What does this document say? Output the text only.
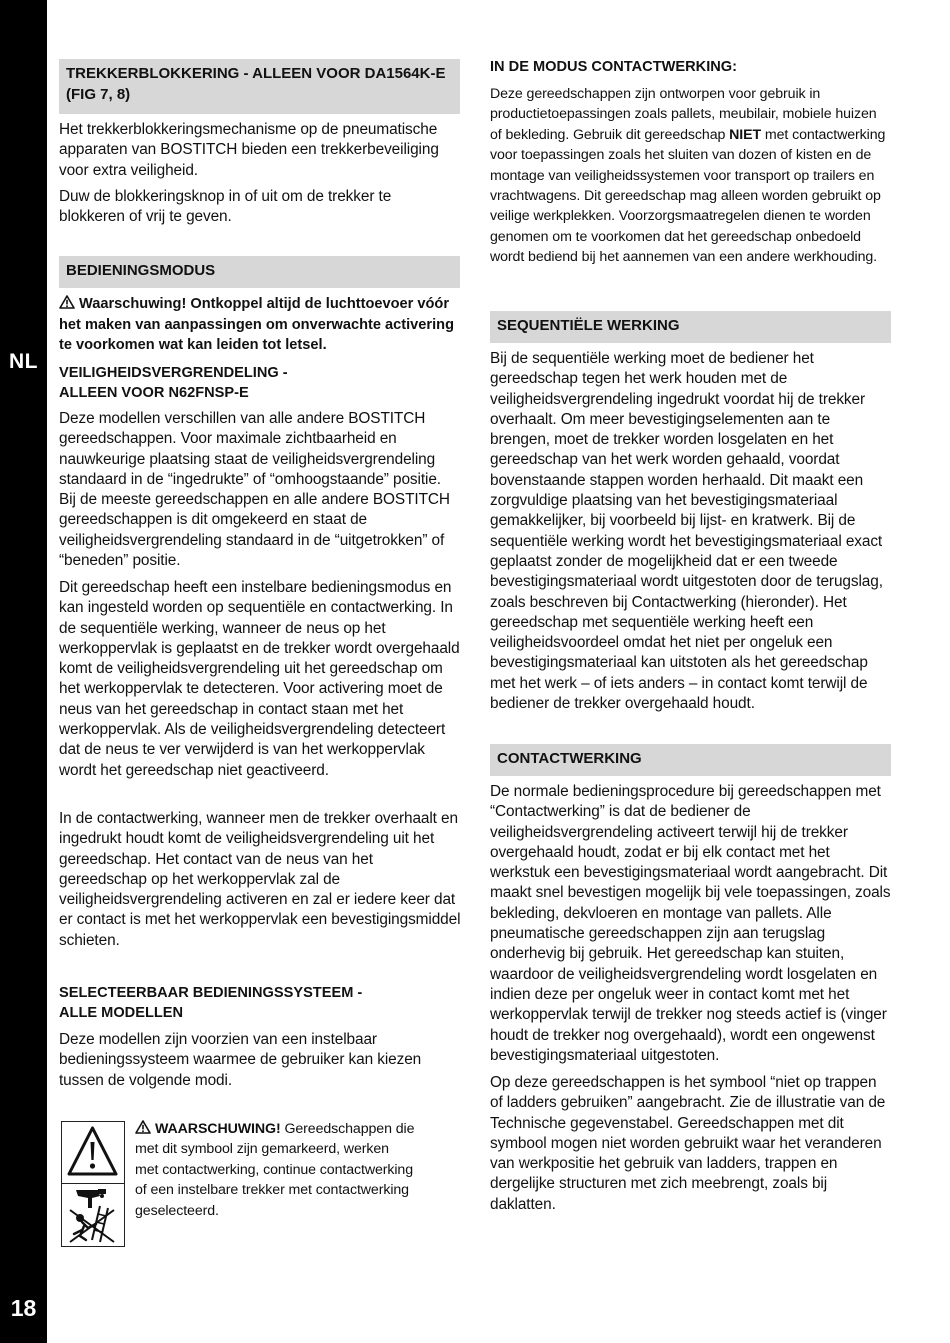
NL
18
TREKKERBLOKKERING - ALLEEN VOOR DA1564K-E (FIG 7, 8)

Het trekkerblokkeringsmechanisme op de pneumatische apparaten van BOSTITCH bieden een trekkerbeveiliging voor extra veiligheid.

Duw de blokkeringsknop in of uit om de trekker te blokkeren of vrij te geven.

BEDIENINGSMODUS
Waarschuwing! Ontkoppel altijd de luchttoevoer vóór het maken van aanpassingen om onverwachte activering te voorkomen wat kan leiden tot letsel.
VEILIGHEIDSVERGRENDELING -
ALLEEN VOOR N62FNSP-E

Deze modellen verschillen van alle andere BOSTITCH gereedschappen. Voor maximale zichtbaarheid en nauwkeurige plaatsing staat de veiligheidsvergrendeling standaard in de “ingedrukte” of “omhoogstaande” positie. Bij de meeste gereedschappen en alle andere BOSTITCH gereedschappen is dit omgekeerd en staat de veiligheidsvergrendeling standaard in de “uitgetrokken” of “beneden” positie.

Dit gereedschap heeft een instelbare bedieningsmodus en kan ingesteld worden op sequentiële en contactwerking. In de sequentiële werking, wanneer de neus op het werkoppervlak is geplaatst en de trekker wordt overgehaald komt de veiligheidsvergrendeling uit het gereedschap om het werkoppervlak te detecteren. Voor activering moet de neus van het gereedschap in contact staan met het werkoppervlak. Als de veiligheidsvergrendeling detecteert dat de neus te ver verwijderd is van het werkoppervlak wordt het gereedschap niet geactiveerd.

In de contactwerking, wanneer men de trekker overhaalt en ingedrukt houdt komt de veiligheidsvergrendeling uit het gereedschap. Het contact van de neus van het gereedschap op het werkoppervlak zal de veiligheidsvergrendeling activeren en zal er iedere keer dat er contact is met het werkoppervlak een bevestigingsmiddel schieten.

SELECTEERBAAR BEDIENINGSSYSTEEM -
ALLE MODELLEN

Deze modellen zijn voorzien van een instelbaar bedieningssysteem waarmee de gebruiker kan kiezen tussen de volgende modi.

WAARSCHUWING! Gereedschappen die met dit symbool zijn gemarkeerd, werken met contactwerking, continue contactwerking of een instelbare trekker met contactwerking geselecteerd.
IN DE MODUS CONTACTWERKING:

Deze gereedschappen zijn ontworpen voor gebruik in productietoepassingen zoals pallets, meubilair, mobiele huizen of bekleding. Gebruik dit gereedschap NIET met contactwerking voor toepassingen zoals het sluiten van dozen of kisten en de montage van veiligheidssystemen voor transport op trailers en vrachtwagens. Dit gereedschap mag alleen worden gebruikt op veilige werkplekken. Voorzorgsmaatregelen dienen te worden genomen om te voorkomen dat het gereedschap onbedoeld wordt bediend bij het aannemen van een andere werkhouding.

SEQUENTIËLE WERKING

Bij de sequentiële werking moet de bediener het gereedschap tegen het werk houden met de veiligheidsvergrendeling ingedrukt voordat hij de trekker overhaalt. Om meer bevestigingselementen aan te brengen, moet de trekker worden losgelaten en het gereedschap van het werk worden gehaald, voordat bovenstaande stappen worden herhaald. Dit maakt een zorgvuldige plaatsing van het bevestigingsmateriaal gemakkelijker, bij voorbeeld bij lijst- en kratwerk. Bij de sequentiële werking wordt het bevestigingsmateriaal exact geplaatst zonder de mogelijkheid dat er een tweede bevestigingsmateriaal wordt uitgestoten door de terugslag, zoals beschreven bij Contactwerking (hieronder). Het gereedschap met sequentiële werking heeft een veiligheidsvoordeel omdat het niet per ongeluk een bevestigingsmateriaal kan uitstoten als het gereedschap met het werk – of iets anders – in contact komt terwijl de bediener de trekker overgehaald houdt.

CONTACTWERKING

De normale bedieningsprocedure bij gereedschappen met “Contactwerking” is dat de bediener de veiligheidsvergrendeling activeert terwijl hij de trekker overgehaald houdt, zodat er bij elk contact met het werkstuk een bevestigingsmateriaal wordt aangebracht. Dit maakt snel bevestigen mogelijk bij vele toepassingen, zoals bekleding, dekvloeren en montage van pallets. Alle pneumatische gereedschappen zijn aan terugslag onderhevig bij gebruik. Het gereedschap kan stuiten, waardoor de veiligheidsvergrendeling wordt losgelaten en indien deze per ongeluk weer in contact komt met het werkoppervlak terwijl de trekker nog steeds actief is (vinger houdt de trekker nog overgehaald), wordt een ongewenst bevestigingsmateriaal uitgestoten.

Op deze gereedschappen is het symbool “niet op trappen of ladders gebruiken” aangebracht. Zie de illustratie van de Technische gegevenstabel. Gereedschappen met dit symbool mogen niet worden gebruikt waar het veranderen van werkpositie het gebruik van ladders, trappen en dergelijke structuren met zich meebrengt, zoals bij daklatten.
